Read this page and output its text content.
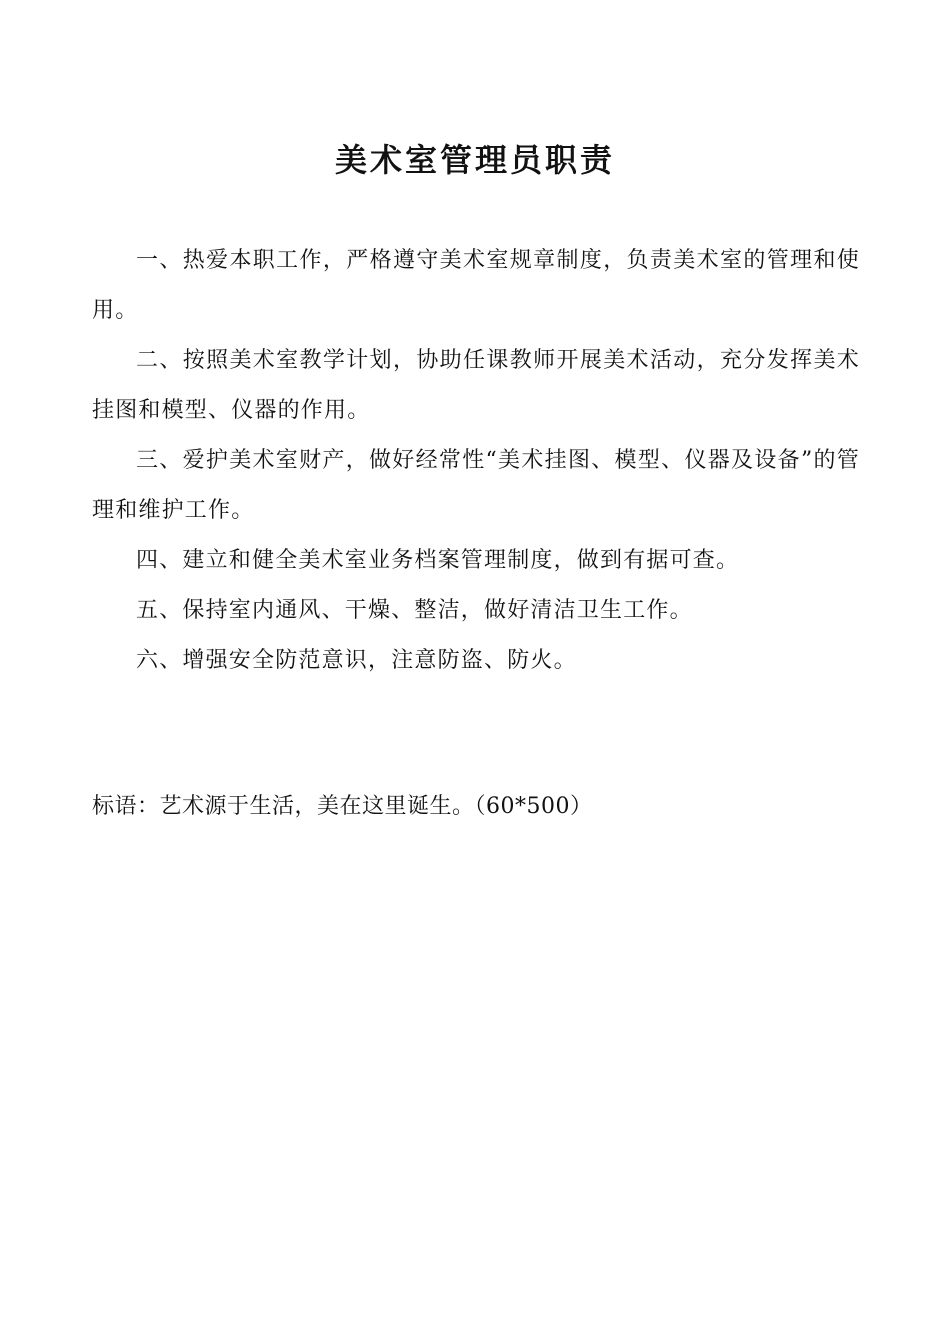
美术室管理员职责

一、热爱本职工作，严格遵守美术室规章制度，负责美术室的管理和使用。

二、按照美术室教学计划，协助任课教师开展美术活动，充分发挥美术挂图和模型、仪器的作用。

三、爱护美术室财产，做好经常性“美术挂图、模型、仪器及设备”的管理和维护工作。

四、建立和健全美术室业务档案管理制度，做到有据可查。

五、保持室内通风、干燥、整洁，做好清洁卫生工作。

六、增强安全防范意识，注意防盗、防火。

标语：艺术源于生活，美在这里诞生。（60*500）
